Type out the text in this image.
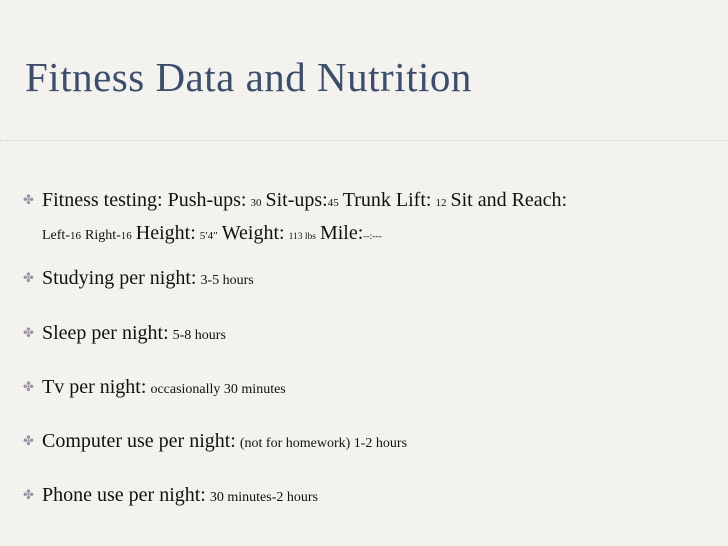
Fitness Data and Nutrition
✤ Fitness testing: Push-ups: 30 Sit-ups:45 Trunk Lift: 12 Sit and Reach:
Left-16 Right-16 Height: 5′4″ Weight: 113 lbs Mile:--:---
✤ Studying per night: 3-5 hours
✤ Sleep per night: 5-8 hours
✤ Tv per night: occasionally 30 minutes
✤ Computer use per night: (not for homework) 1-2 hours
✤ Phone use per night: 30 minutes-2 hours
